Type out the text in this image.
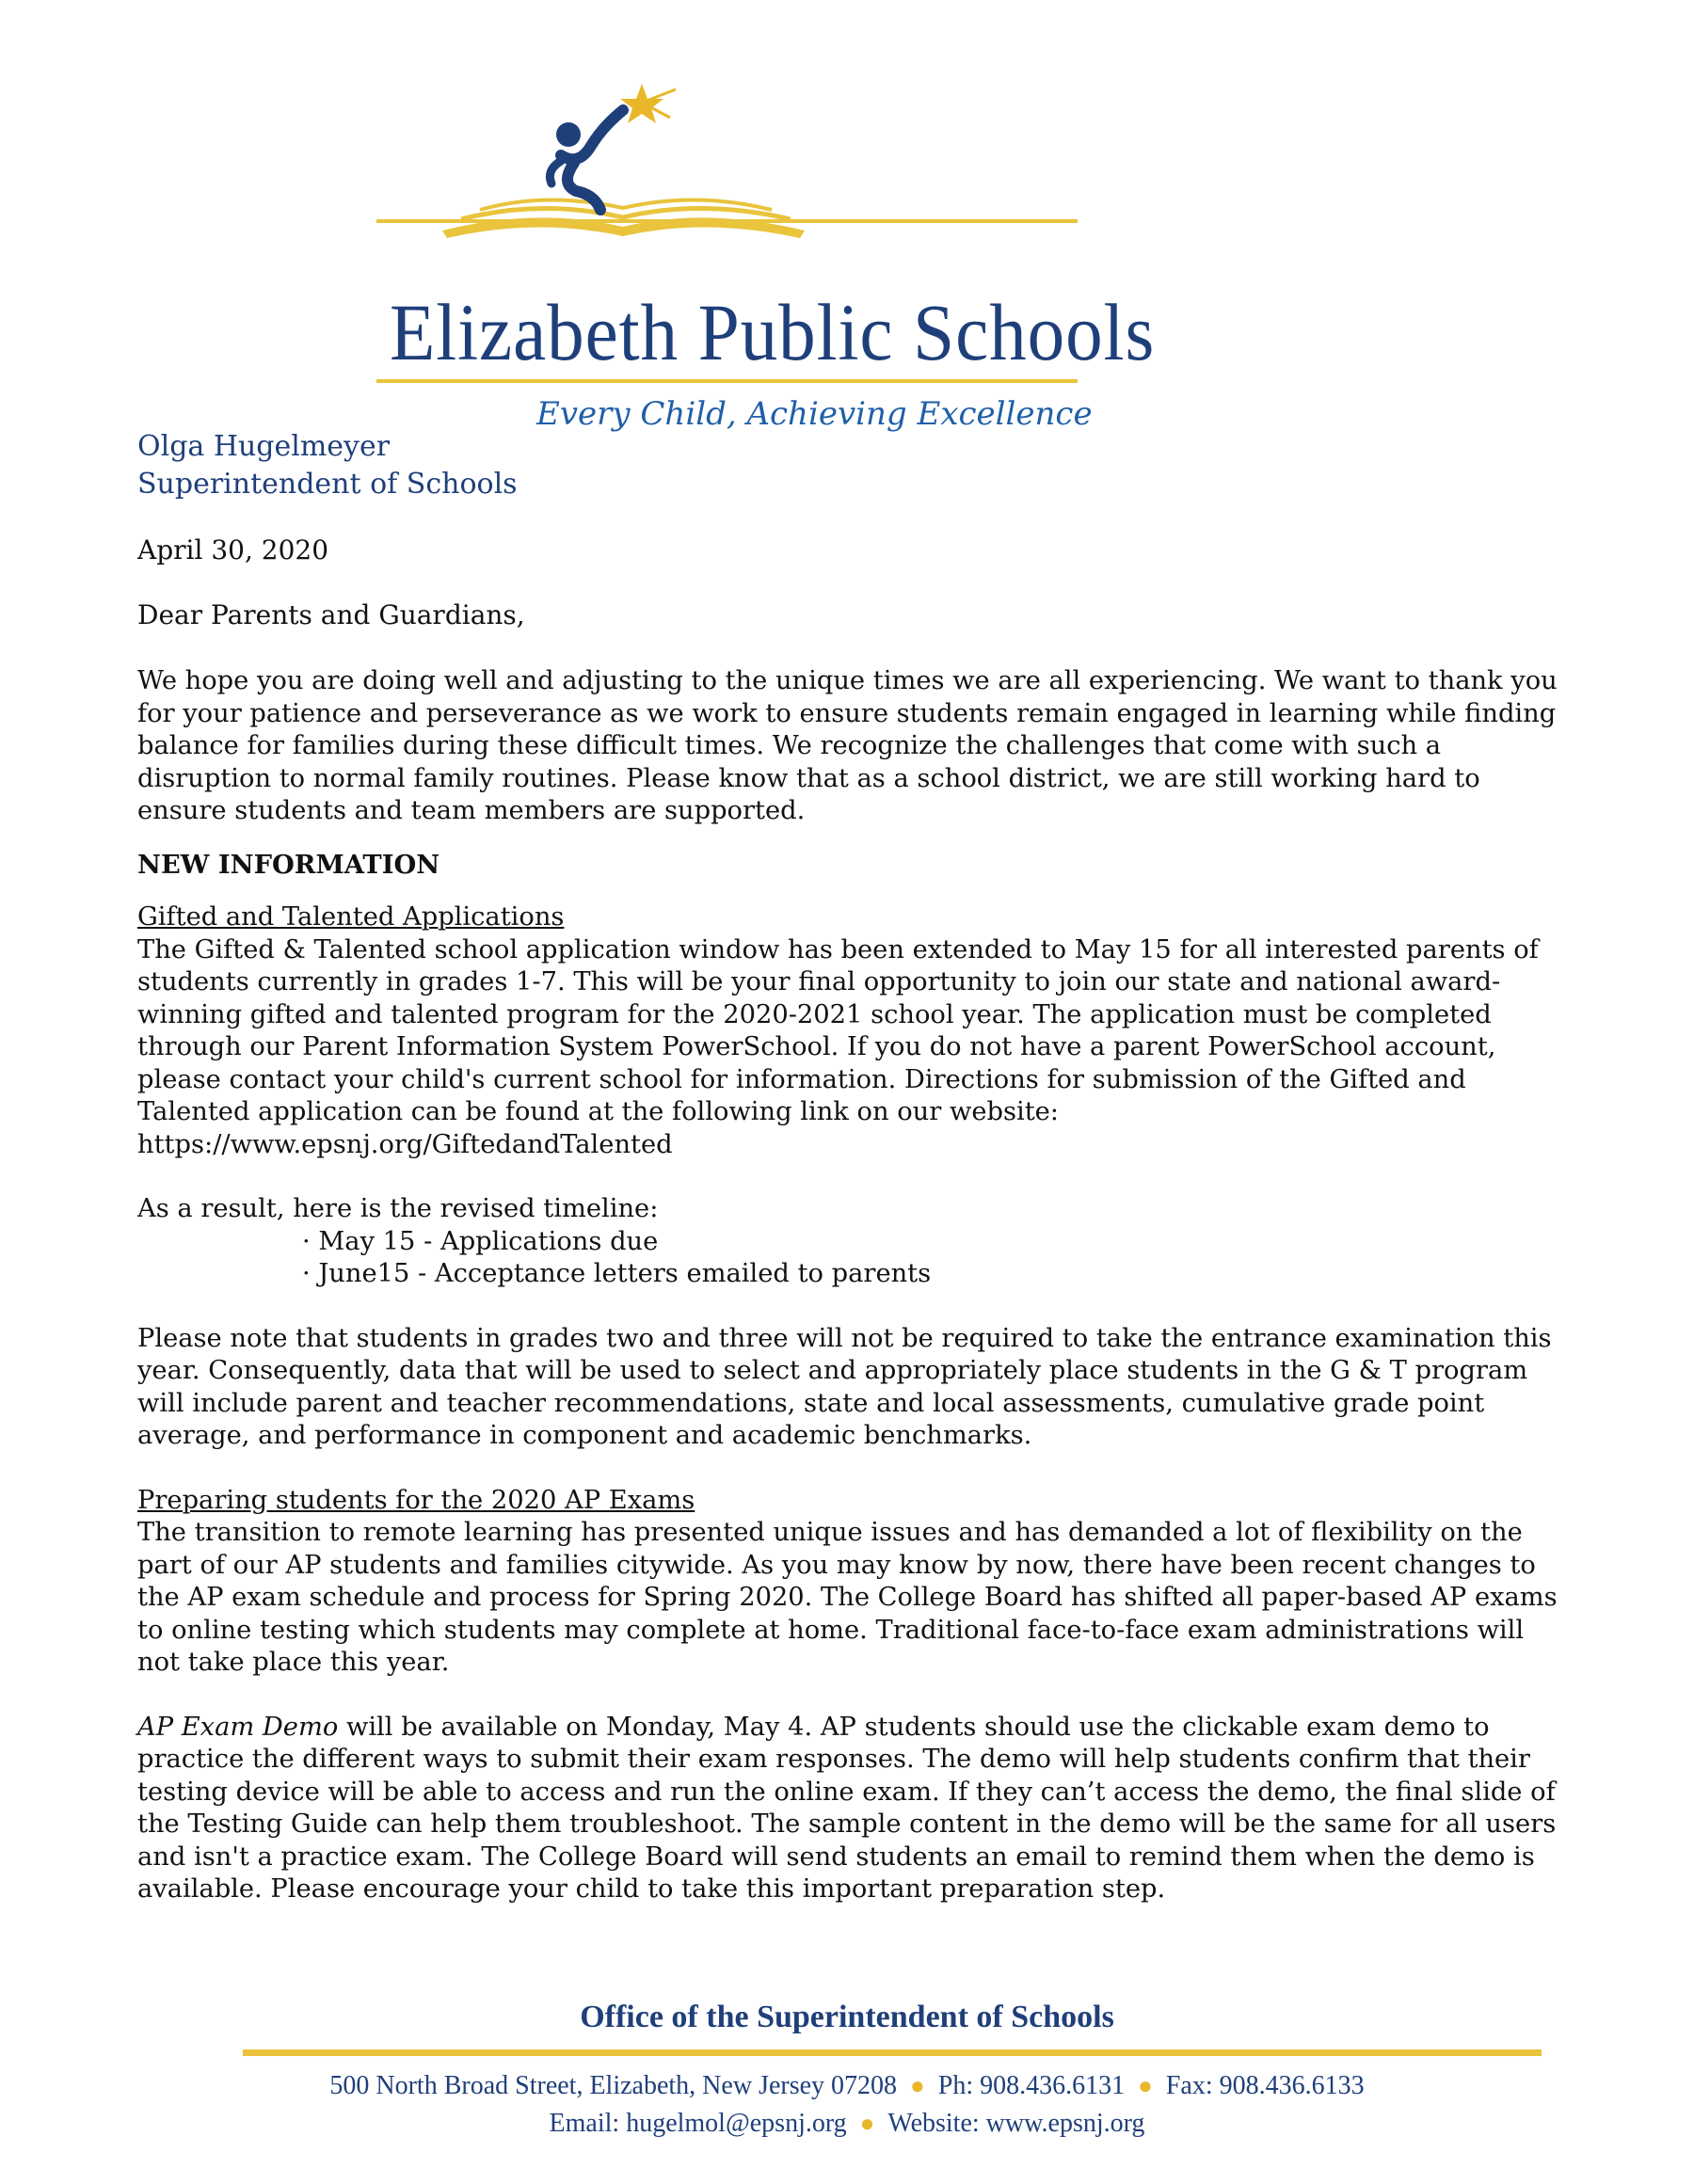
Elizabeth Public Schools
Every Child, Achieving Excellence
Olga Hugelmeyer
Superintendent of Schools
April 30, 2020
Dear Parents and Guardians,

We hope you are doing well and adjusting to the unique times we are all experiencing. We want to thank you for your patience and perseverance as we work to ensure students remain engaged in learning while finding balance for families during these difficult times. We recognize the challenges that come with such a disruption to normal family routines. Please know that as a school district, we are still working hard to ensure students and team members are supported.

NEW INFORMATION

Gifted and Talented Applications

The Gifted & Talented school application window has been extended to May 15 for all interested parents of students currently in grades 1-7. This will be your final opportunity to join our state and national award-winning gifted and talented program for the 2020-2021 school year. The application must be completed through our Parent Information System PowerSchool. If you do not have a parent PowerSchool account, please contact your child's current school for information. Directions for submission of the Gifted and Talented application can be found at the following link on our website:
https://www.epsnj.org/GiftedandTalented

As a result, here is the revised timeline:

· May 15 - Applications due

· June15 - Acceptance letters emailed to parents

Please note that students in grades two and three will not be required to take the entrance examination this year. Consequently, data that will be used to select and appropriately place students in the G & T program will include parent and teacher recommendations, state and local assessments, cumulative grade point average, and performance in component and academic benchmarks.

Preparing students for the 2020 AP Exams

The transition to remote learning has presented unique issues and has demanded a lot of flexibility on the part of our AP students and families citywide. As you may know by now, there have been recent changes to the AP exam schedule and process for Spring 2020. The College Board has shifted all paper-based AP exams to online testing which students may complete at home. Traditional face-to-face exam administrations will not take place this year.

AP Exam Demo will be available on Monday, May 4. AP students should use the clickable exam demo to practice the different ways to submit their exam responses. The demo will help students confirm that their testing device will be able to access and run the online exam. If they can’t access the demo, the final slide of the Testing Guide can help them troubleshoot. The sample content in the demo will be the same for all users and isn't a practice exam. The College Board will send students an email to remind them when the demo is available. Please encourage your child to take this important preparation step.

Office of the Superintendent of Schools
500 North Broad Street, Elizabeth, New Jersey 07208 ● Ph: 908.436.6131 ● Fax: 908.436.6133
Email: hugelmol@epsnj.org ● Website: www.epsnj.org
